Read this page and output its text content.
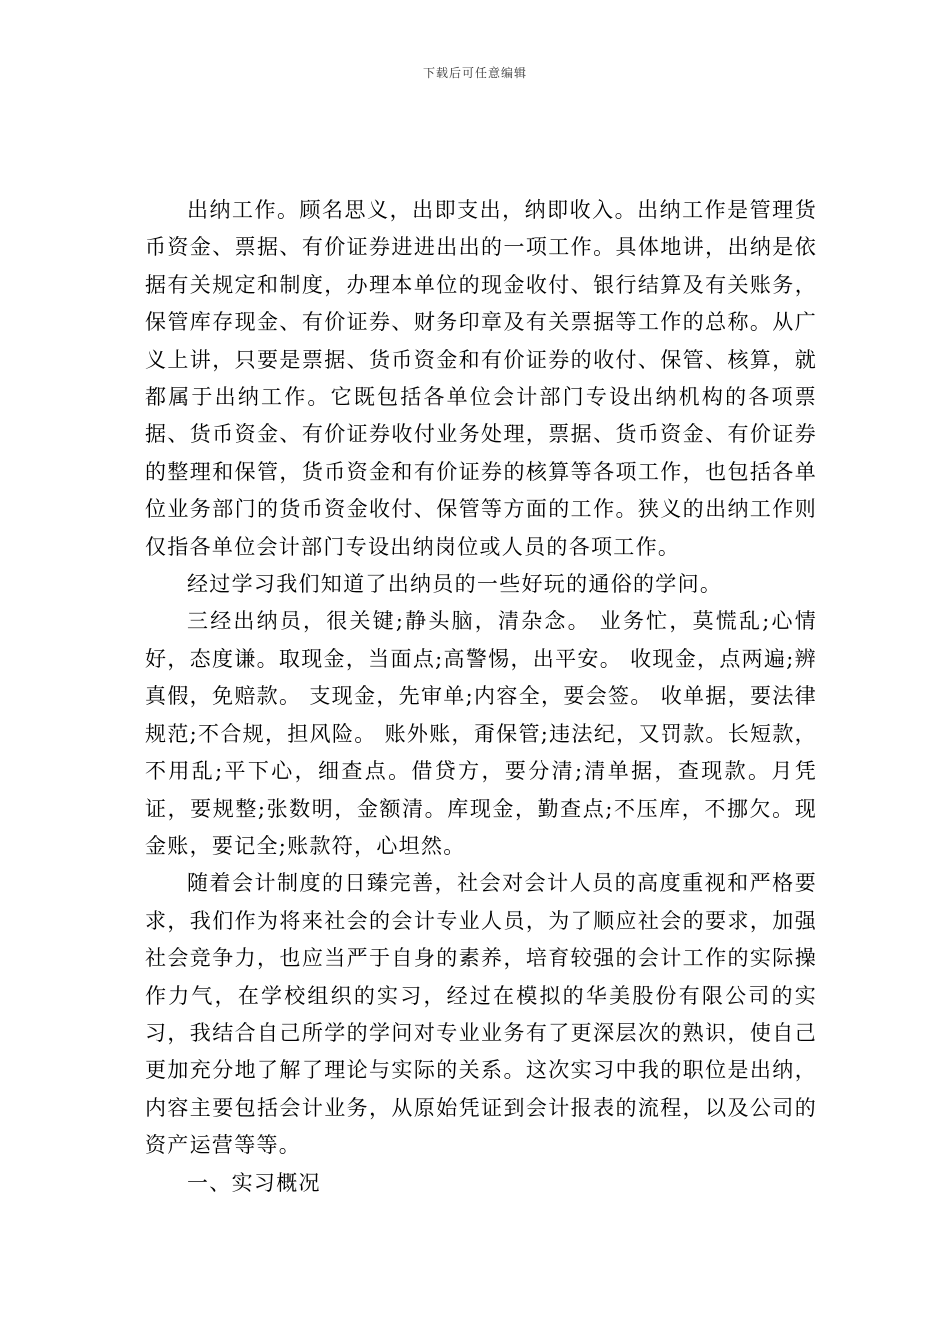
下载后可任意编辑

出纳工作。顾名思义，出即支出，纳即收入。出纳工作是管理货币资金、票据、有价证券进进出出的一项工作。具体地讲，出纳是依据有关规定和制度，办理本单位的现金收付、银行结算及有关账务，保管库存现金、有价证券、财务印章及有关票据等工作的总称。从广义上讲，只要是票据、货币资金和有价证券的收付、保管、核算，就都属于出纳工作。它既包括各单位会计部门专设出纳机构的各项票据、货币资金、有价证券收付业务处理，票据、货币资金、有价证券的整理和保管，货币资金和有价证券的核算等各项工作，也包括各单位业务部门的货币资金收付、保管等方面的工作。狭义的出纳工作则仅指各单位会计部门专设出纳岗位或人员的各项工作。

经过学习我们知道了出纳员的一些好玩的通俗的学问。

三经出纳员，很关键;静头脑，清杂念。 业务忙，莫慌乱;心情好，态度谦。取现金，当面点;高警惕，出平安。 收现金，点两遍;辨真假，免赔款。 支现金，先审单;内容全，要会签。 收单据，要法律规范;不合规，担风险。 账外账，甭保管;违法纪，又罚款。长短款，不用乱;平下心，细查点。借贷方，要分清;清单据，查现款。月凭证，要规整;张数明，金额清。库现金，勤查点;不压库，不挪欠。现金账，要记全;账款符，心坦然。

随着会计制度的日臻完善，社会对会计人员的高度重视和严格要求，我们作为将来社会的会计专业人员，为了顺应社会的要求，加强社会竞争力，也应当严于自身的素养，培育较强的会计工作的实际操作力气，在学校组织的实习，经过在模拟的华美股份有限公司的实习，我结合自己所学的学问对专业业务有了更深层次的熟识，使自己更加充分地了解了理论与实际的关系。这次实习中我的职位是出纳，内容主要包括会计业务，从原始凭证到会计报表的流程，以及公司的资产运营等等。

一、实习概况
